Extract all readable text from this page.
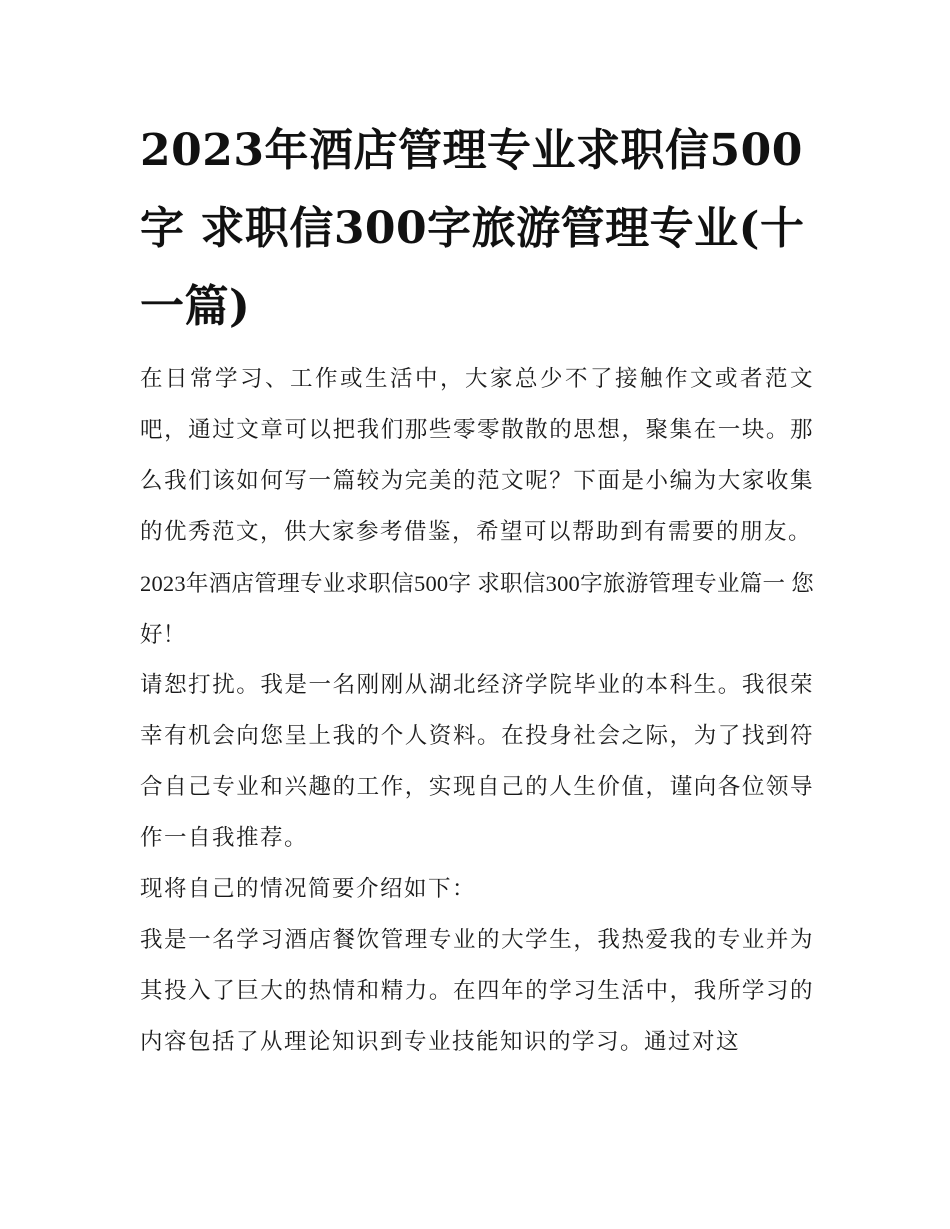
2023年酒店管理专业求职信500字 求职信300字旅游管理专业(十一篇)

在日常学习、工作或生活中，大家总少不了接触作文或者范文吧，通过文章可以把我们那些零零散散的思想，聚集在一块。那么我们该如何写一篇较为完美的范文呢？下面是小编为大家收集的优秀范文，供大家参考借鉴，希望可以帮助到有需要的朋友。

2023年酒店管理专业求职信500字 求职信300字旅游管理专业篇一 您好！

请恕打扰。我是一名刚刚从湖北经济学院毕业的本科生。我很荣幸有机会向您呈上我的个人资料。在投身社会之际，为了找到符合自己专业和兴趣的工作，实现自己的人生价值，谨向各位领导作一自我推荐。

现将自己的情况简要介绍如下：

我是一名学习酒店餐饮管理专业的大学生，我热爱我的专业并为其投入了巨大的热情和精力。在四年的学习生活中，我所学习的内容包括了从理论知识到专业技能知识的学习。通过对这
